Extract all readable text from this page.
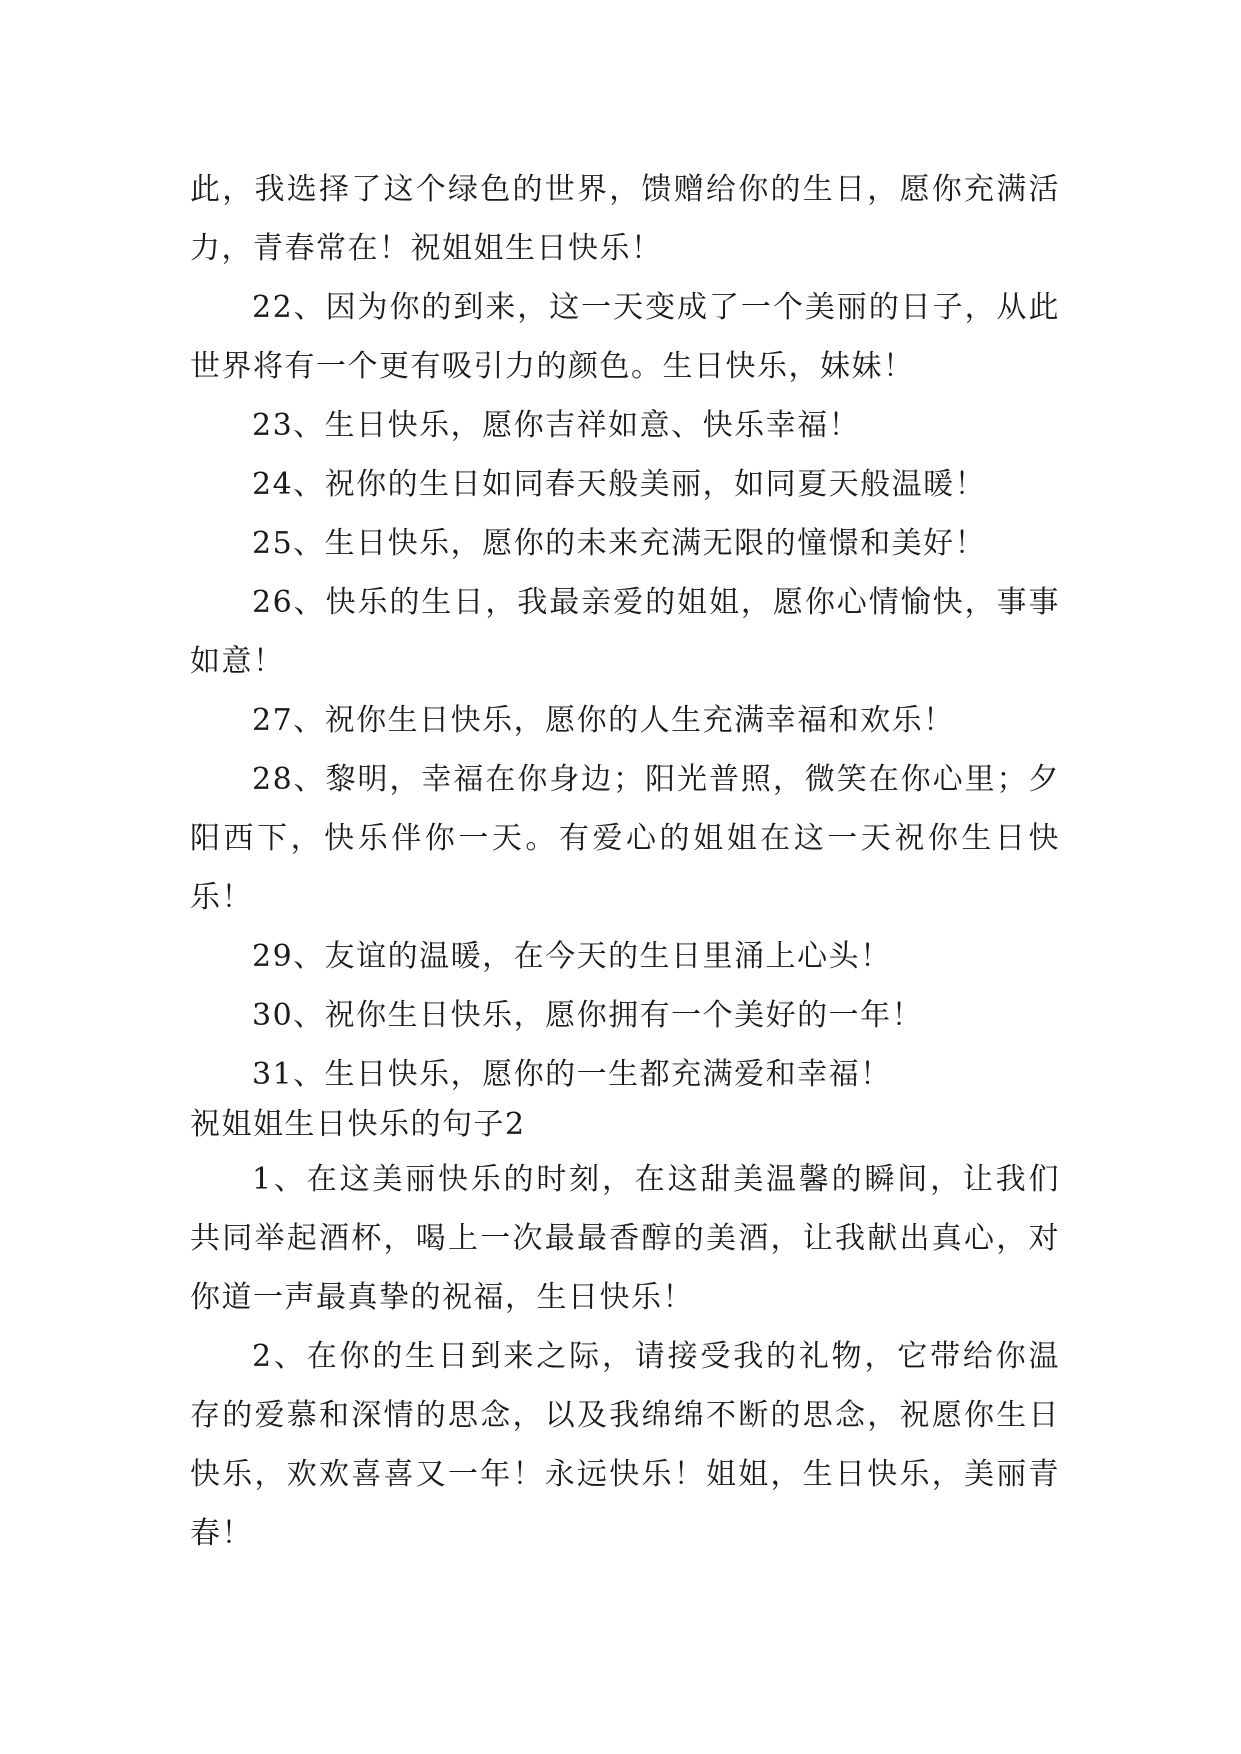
此，我选择了这个绿色的世界，馈赠给你的生日，愿你充满活力，青春常在！祝姐姐生日快乐！

22、因为你的到来，这一天变成了一个美丽的日子，从此世界将有一个更有吸引力的颜色。生日快乐，妹妹！

23、生日快乐，愿你吉祥如意、快乐幸福！

24、祝你的生日如同春天般美丽，如同夏天般温暖！

25、生日快乐，愿你的未来充满无限的憧憬和美好！

26、快乐的生日，我最亲爱的姐姐，愿你心情愉快，事事如意！

27、祝你生日快乐，愿你的人生充满幸福和欢乐！

28、黎明，幸福在你身边；阳光普照，微笑在你心里；夕阳西下，快乐伴你一天。有爱心的姐姐在这一天祝你生日快乐！

29、友谊的温暖，在今天的生日里涌上心头！

30、祝你生日快乐，愿你拥有一个美好的一年！

31、生日快乐，愿你的一生都充满爱和幸福！

祝姐姐生日快乐的句子2

1、在这美丽快乐的时刻，在这甜美温馨的瞬间，让我们共同举起酒杯，喝上一次最最香醇的美酒，让我献出真心，对你道一声最真挚的祝福，生日快乐！

2、在你的生日到来之际，请接受我的礼物，它带给你温存的爱慕和深情的思念，以及我绵绵不断的思念，祝愿你生日快乐，欢欢喜喜又一年！永远快乐！姐姐，生日快乐，美丽青春！
